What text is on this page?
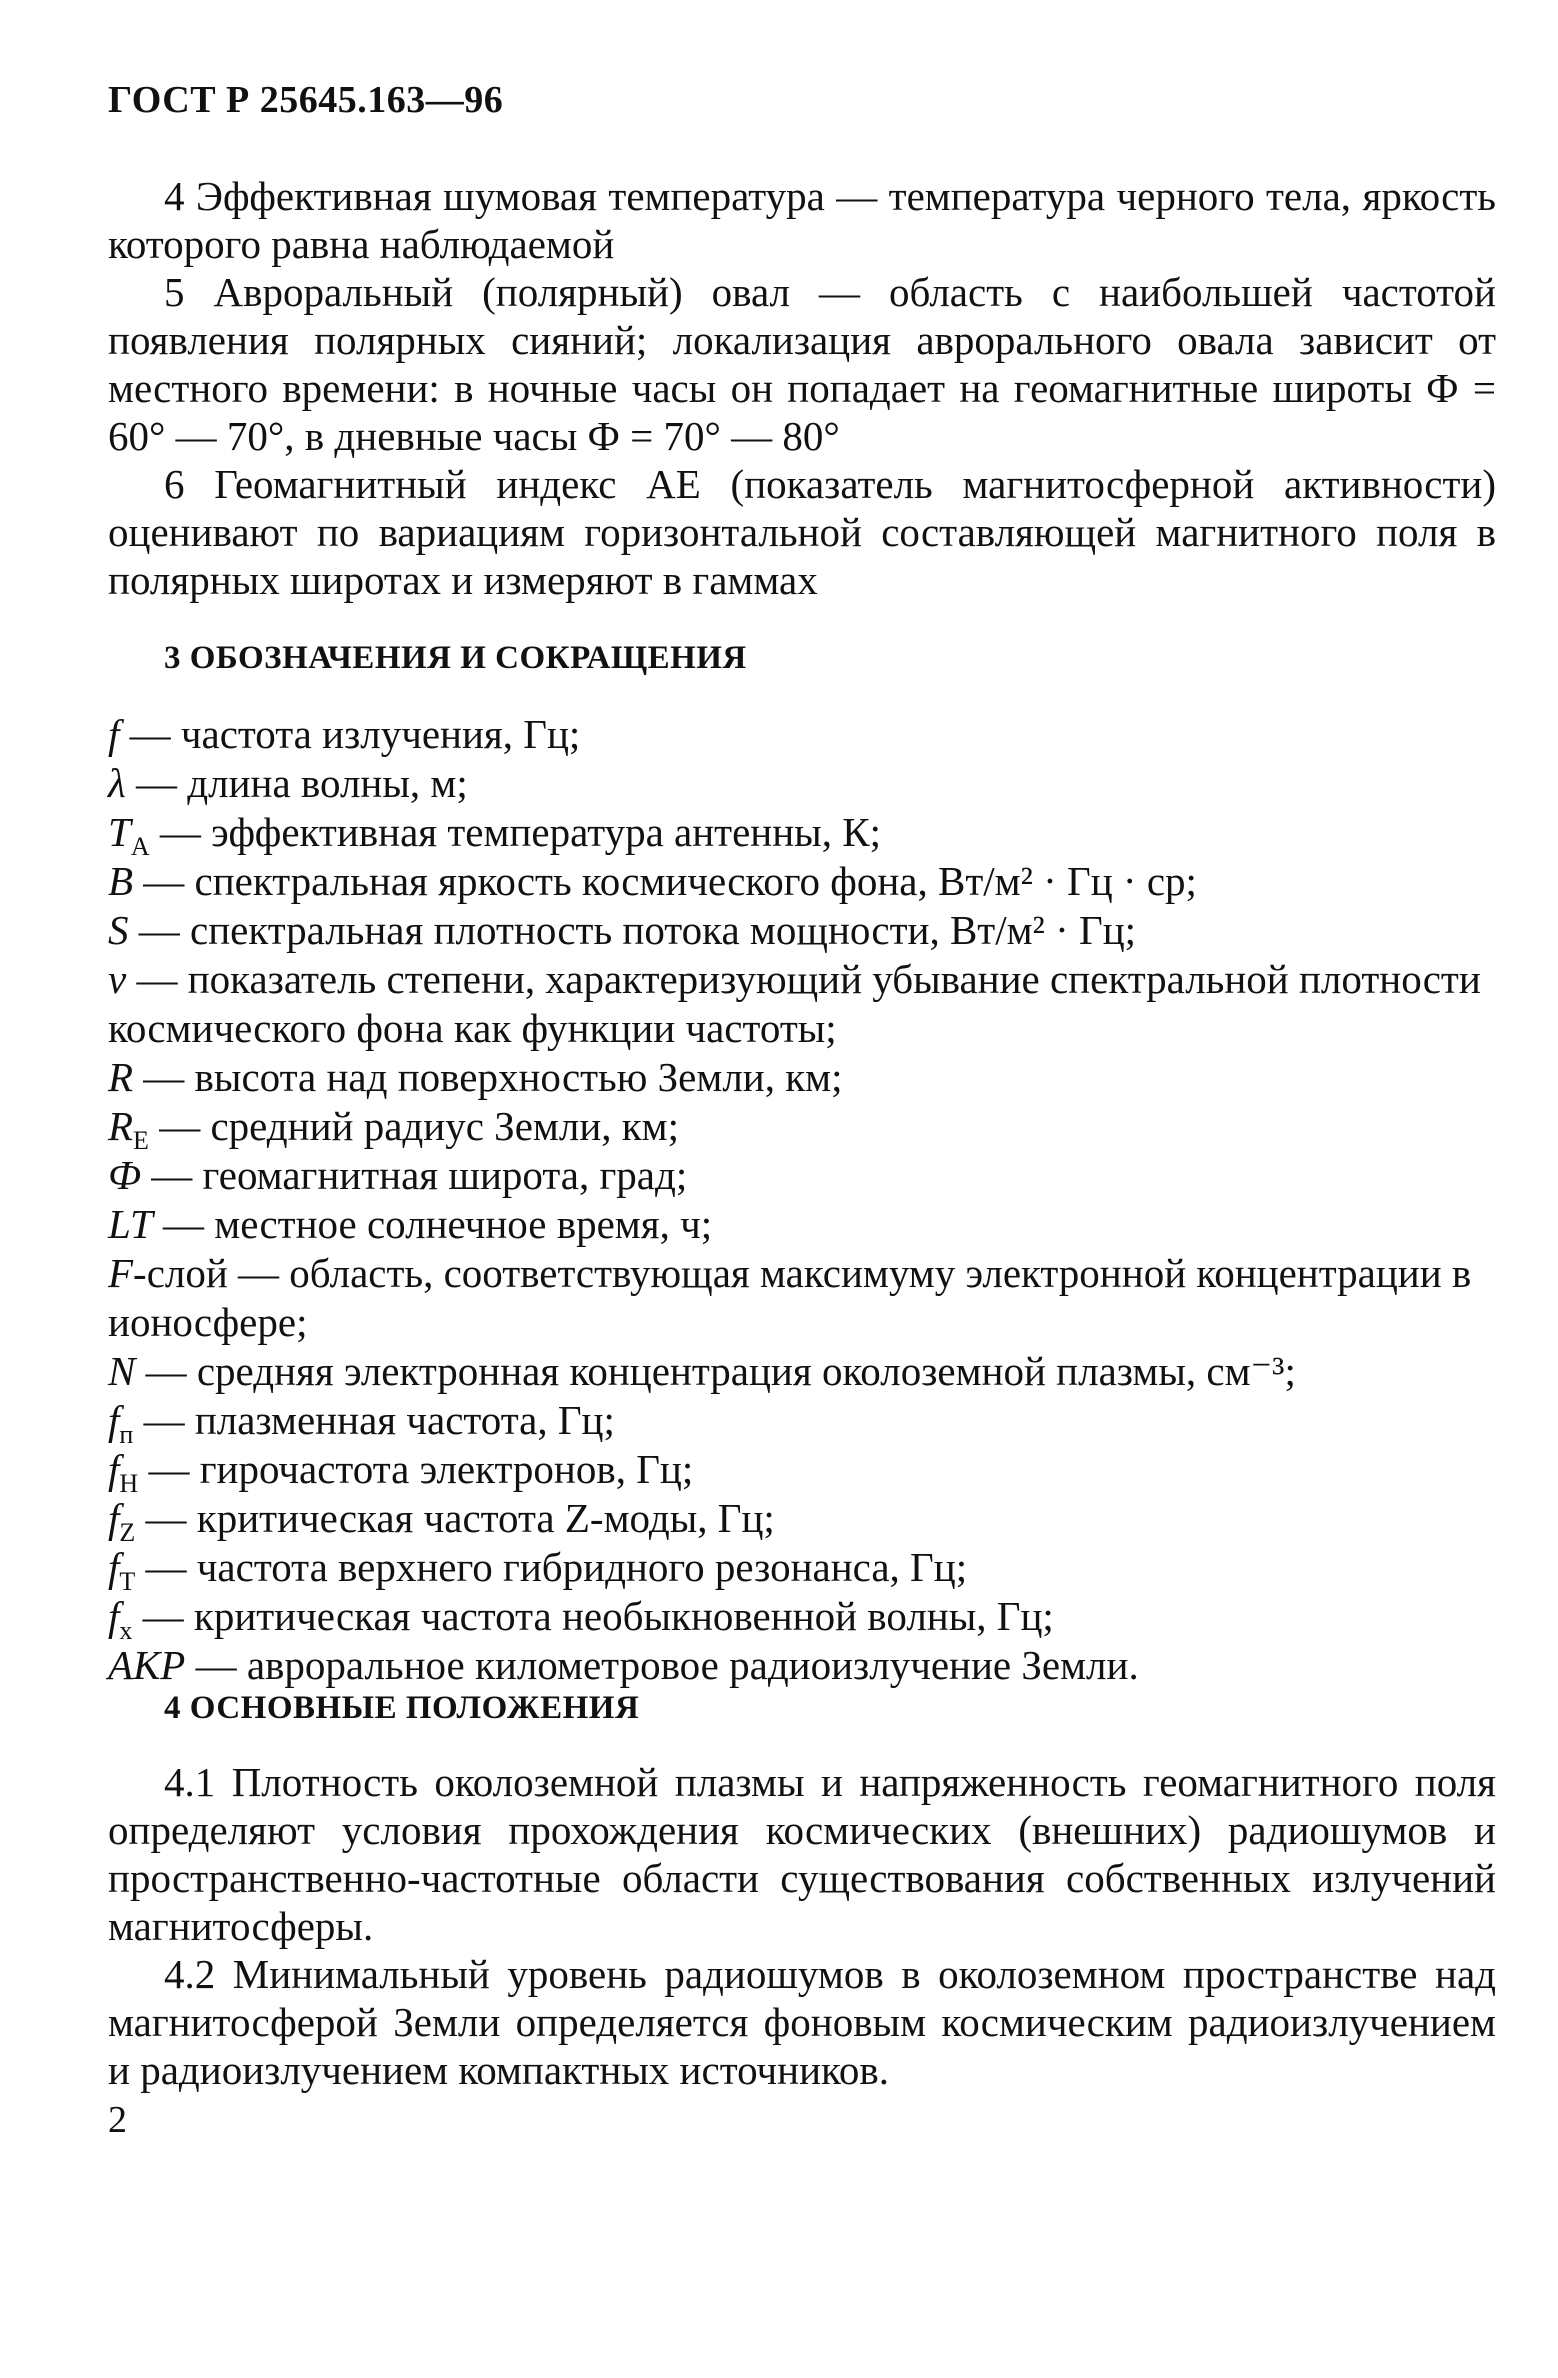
ГОСТ Р 25645.163—96

4 Эффективная шумовая температура — температура черного тела, яркость которого равна наблюдаемой

5 Авроральный (полярный) овал — область с наибольшей частотой появления полярных сияний; локализация аврорального овала зависит от местного времени: в ночные часы он попадает на геомагнитные широты Ф = 60° — 70°, в дневные часы Ф = 70° — 80°

6 Геомагнитный индекс АЕ (показатель магнитосферной активности) оценивают по вариациям горизонтальной составляющей магнитного поля в полярных широтах и измеряют в гаммах

3 ОБОЗНАЧЕНИЯ И СОКРАЩЕНИЯ

f — частота излучения, Гц;

λ — длина волны, м;

$T_A$ — эффективная температура антенны, К;

B — спектральная яркость космического фона, Вт/м² · Гц · ср;

S — спектральная плотность потока мощности, Вт/м² · Гц;

ν — показатель степени, характеризующий убывание спектральной плотности космического фона как функции частоты;

R — высота над поверхностью Земли, км;

$R_E$ — средний радиус Земли, км;

Ф — геомагнитная широта, град;

LT — местное солнечное время, ч;

F-слой — область, соответствующая максимуму электронной концентрации в ионосфере;

N — средняя электронная концентрация околоземной плазмы, см⁻³;

$f_п$ — плазменная частота, Гц;

$f_H$ — гирочастота электронов, Гц;

$f_Z$ — критическая частота Z-моды, Гц;

$f_T$ — частота верхнего гибридного резонанса, Гц;

$f_x$ — критическая частота необыкновенной волны, Гц;

АКР — авроральное километровое радиоизлучение Земли.

4 ОСНОВНЫЕ ПОЛОЖЕНИЯ

4.1 Плотность околоземной плазмы и напряженность геомагнитного поля определяют условия прохождения космических (внешних) радиошумов и пространственно-частотные области существования собственных излучений магнитосферы.

4.2 Минимальный уровень радиошумов в околоземном пространстве над магнитосферой Земли определяется фоновым космическим радиоизлучением и радиоизлучением компактных источников.

2
